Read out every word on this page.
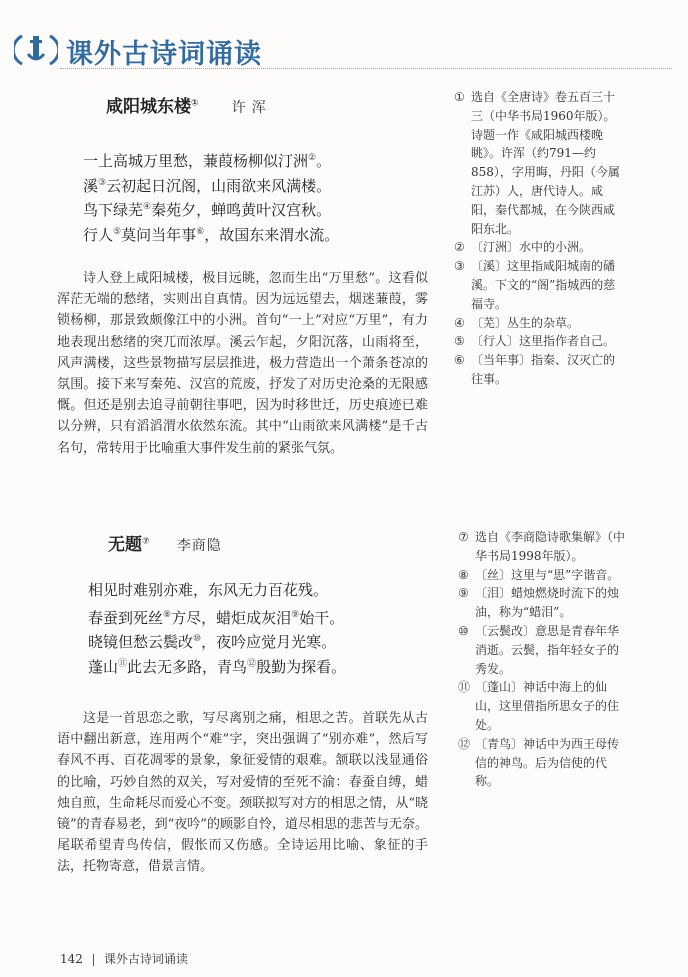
课外古诗词诵读
咸阳城东楼① 许浑
一上高城万里愁，蒹葭杨柳似汀洲②。
溪③云初起日沉阁，山雨欲来风满楼。
鸟下绿芜④秦苑夕，蝉鸣黄叶汉宫秋。
行人⑤莫问当年事⑥，故国东来渭水流。

诗人登上咸阳城楼，极目远眺，忽而生出“万里愁”。这看似浑茫无端的愁绪，实则出自真情。因为远远望去，烟迷蒹葭，雾锁杨柳，那景致颇像江中的小洲。首句“一上”对应“万里”，有力地表现出愁绪的突兀而浓厚。溪云乍起，夕阳沉落，山雨将至，风声满楼，这些景物描写层层推进，极力营造出一个萧条苍凉的氛围。接下来写秦苑、汉宫的荒废，抒发了对历史沧桑的无限感慨。但还是别去追寻前朝往事吧，因为时移世迁，历史痕迹已难以分辨，只有滔滔渭水依然东流。其中“山雨欲来风满楼”是千古名句，常转用于比喻重大事件发生前的紧张气氛。

① 选自《全唐诗》卷五百三十三（中华书局1960年版）。诗题一作《咸阳城西楼晚眺》。许浑（约791—约858），字用晦，丹阳（今属江苏）人，唐代诗人。咸阳，秦代都城，在今陕西咸阳东北。
② 〔汀洲〕水中的小洲。
③ 〔溪〕这里指咸阳城南的磻溪。下文的“阁”指城西的慈福寺。
④ 〔芜〕丛生的杂草。
⑤ 〔行人〕这里指作者自己。
⑥ 〔当年事〕指秦、汉灭亡的往事。
无题⑦ 李商隐
相见时难别亦难，东风无力百花残。
春蚕到死丝⑧方尽，蜡炬成灰泪⑨始干。
晓镜但愁云鬓改⑩，夜吟应觉月光寒。
蓬山⑪此去无多路，青鸟⑫殷勤为探看。

这是一首思恋之歌，写尽离别之痛，相思之苦。首联先从古语中翻出新意，连用两个“难”字，突出强调了“别亦难”，然后写春风不再、百花凋零的景象，象征爱情的艰难。颔联以浅显通俗的比喻，巧妙自然的双关，写对爱情的至死不渝：春蚕自缚，蜡烛自煎，生命耗尽而爱心不变。颈联拟写对方的相思之情，从“晓镜”的青春易老，到“夜吟”的顾影自怜，道尽相思的悲苦与无奈。尾联希望青鸟传信，假怅而又伤感。全诗运用比喻、象征的手法，托物寄意，借景言情。

⑦ 选自《李商隐诗歌集解》（中华书局1998年版）。
⑧ 〔丝〕这里与“思”字谐音。
⑨ 〔泪〕蜡烛燃烧时流下的烛油，称为“蜡泪”。
⑩ 〔云鬓改〕意思是青春年华消逝。云鬓，指年轻女子的秀发。
⑪ 〔蓬山〕神话中海上的仙山，这里借指所思女子的住处。
⑫ 〔青鸟〕神话中为西王母传信的神鸟。后为信使的代称。
142 课外古诗词诵读
